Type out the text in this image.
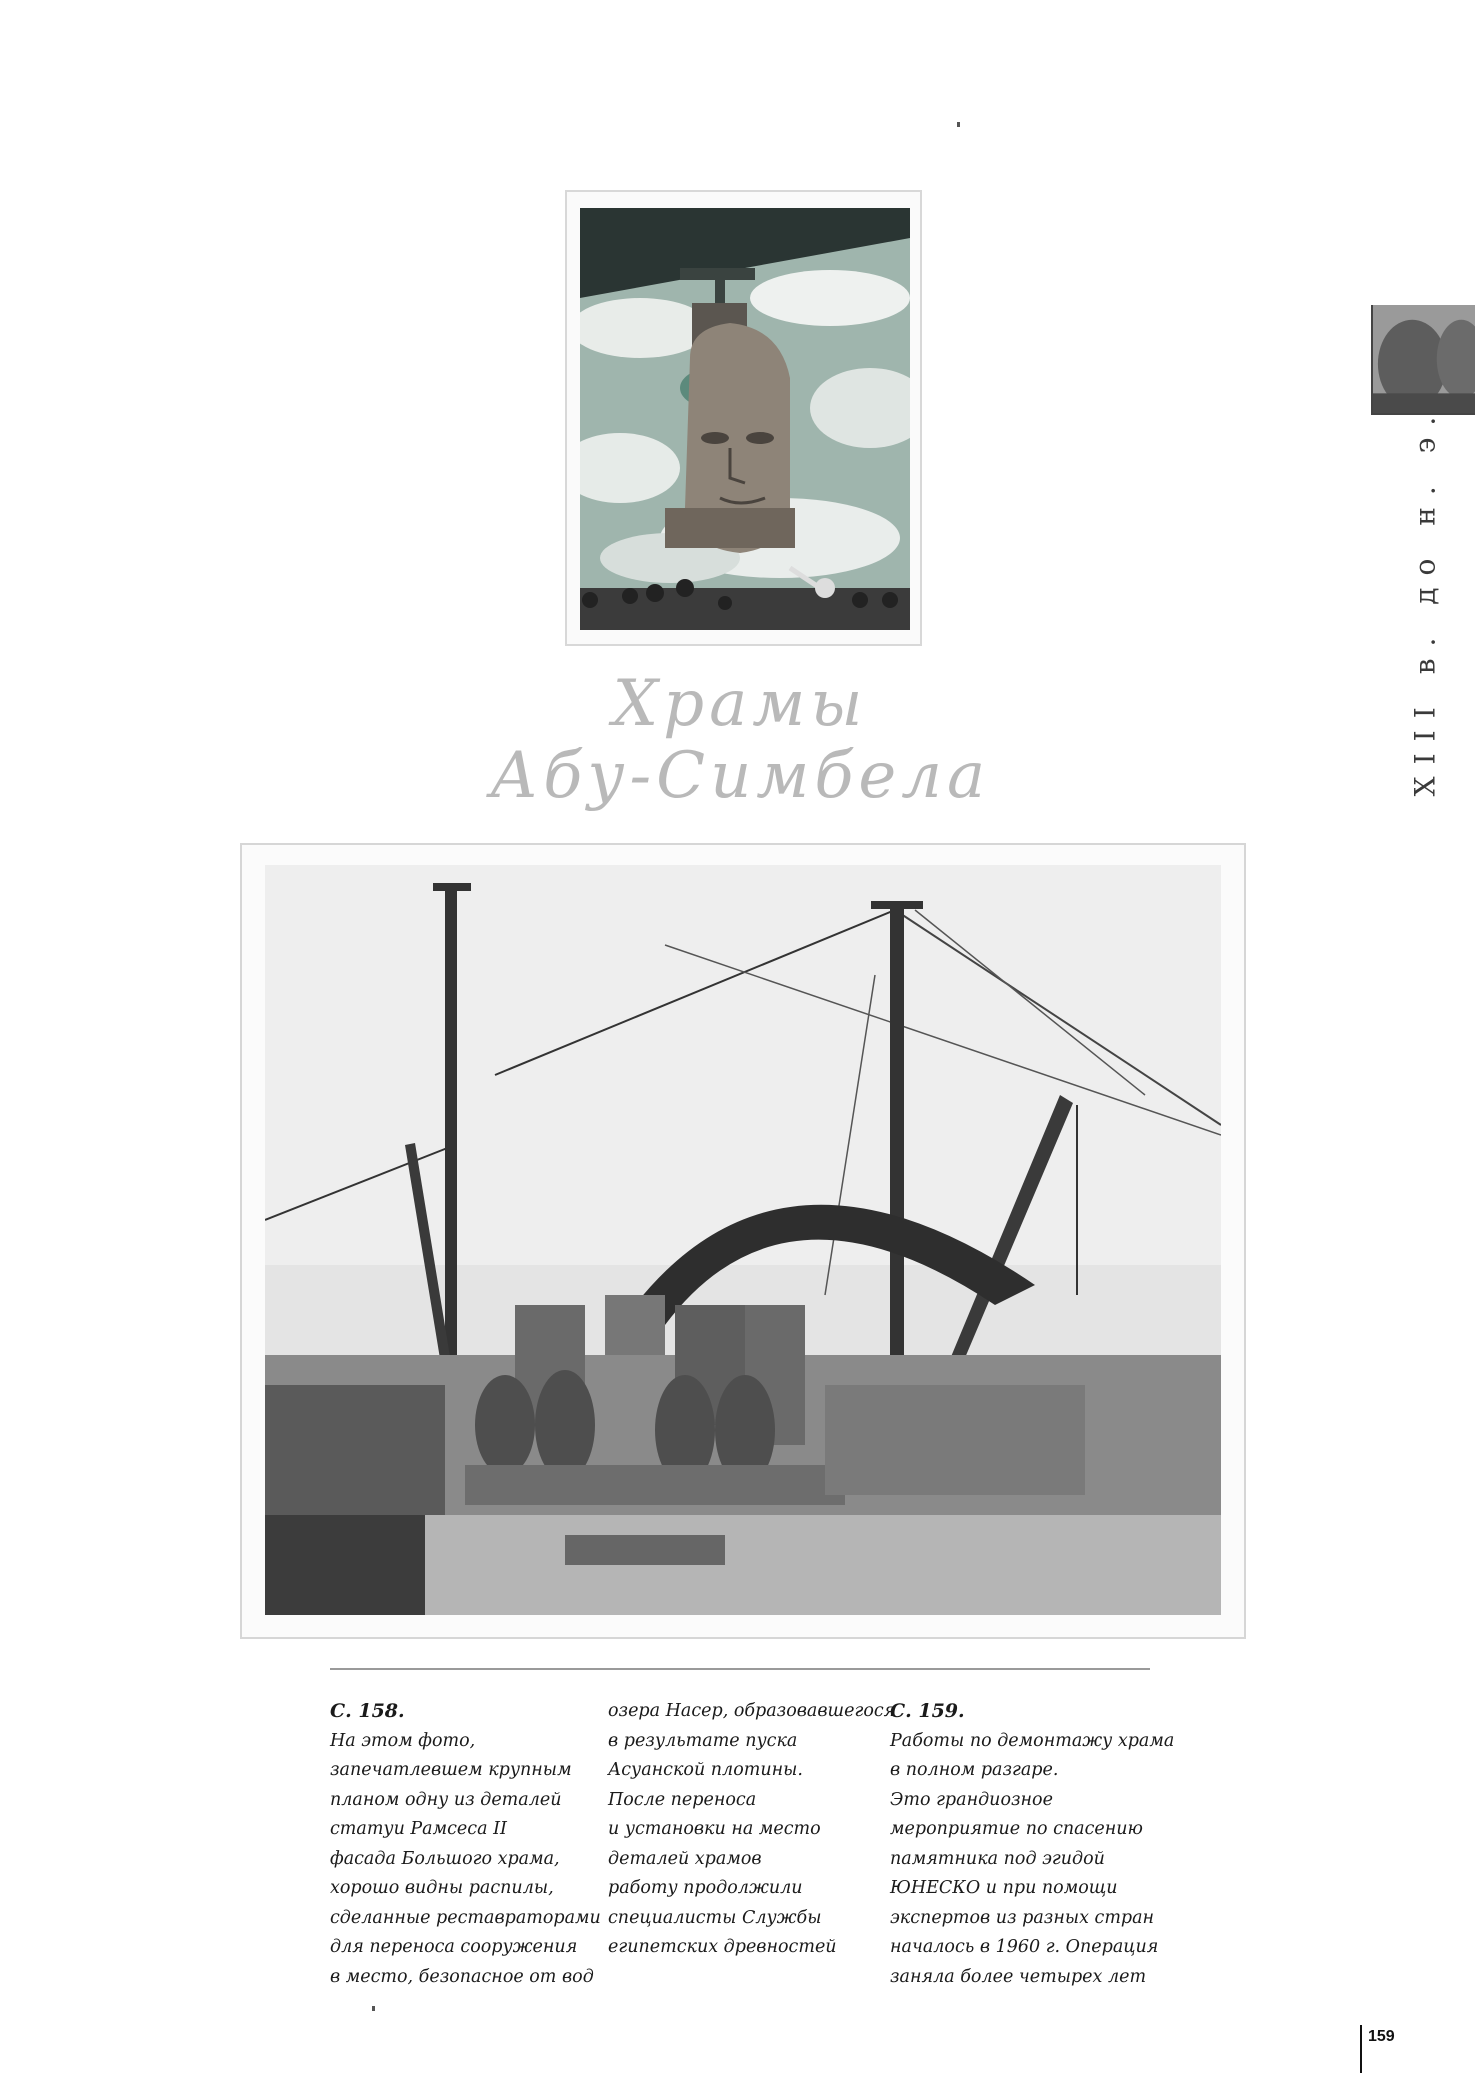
XIII в. до н. э.
Храмы
Абу-Симбела
С. 158.
На этом фото,
запечатлевшем крупным
планом одну из деталей
статуи Рамсеса II
фасада Большого храма,
хорошо видны распилы,
сделанные реставраторами
для переноса сооружения
в место, безопасное от вод
озера Насер, образовавшегося
в результате пуска
Асуанской плотины.
После переноса
и установки на место
деталей храмов
работу продолжили
специалисты Службы
египетских древностей
С. 159.
Работы по демонтажу храма
в полном разгаре.
Это грандиозное
мероприятие по спасению
памятника под эгидой
ЮНЕСКО и при помощи
экспертов из разных стран
началось в 1960 г. Операция
заняла более четырех лет
159
